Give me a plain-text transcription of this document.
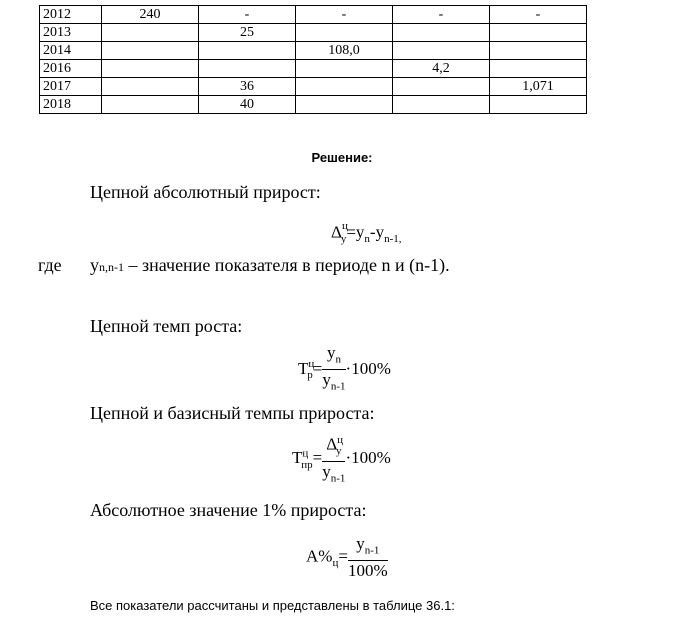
2012	240	-	-	-	-
2013		25			
2014			108,0		
2016				4,2	
2017		36			1,071
2018		40			
Решение:
Цепной абсолютный прирост:
$\Delta^ц_y=y_n-y_{n-1,}$
где yn,n-1 – значение показателя в периоде n и (n-1).
Цепной темп роста:
$T^ц_р= \frac{y_n}{y_{n-1}} \cdot 100\%$
Цепной и базисный темпы прироста:
$T^ц_{пр}= \frac{\Delta^ц_y}{y_{n-1}} \cdot 100\%$
Абсолютное значение 1% прироста:
$A\%_ц= \frac{y_{n-1}}{100\%}$
Все показатели рассчитаны и представлены в таблице 36.1:
